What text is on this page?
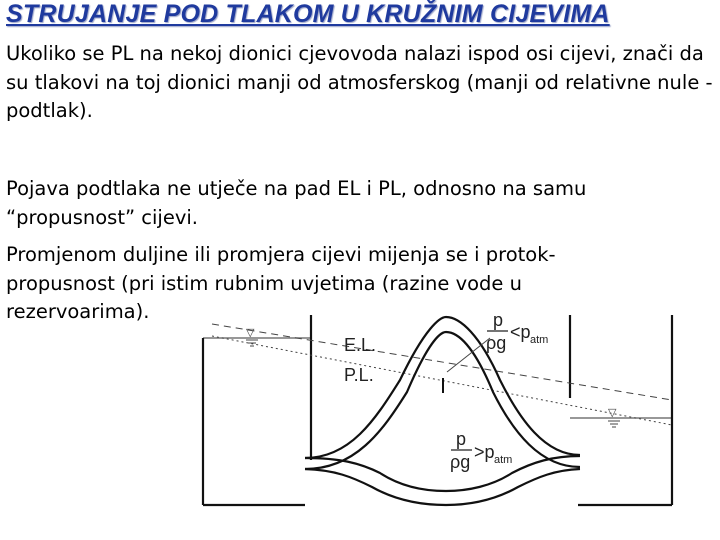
STRUJANJE POD TLAKOM U KRUŽNIM CIJEVIMA

Ukoliko se PL na nekoj dionici cjevovoda nalazi ispod osi cijevi, znači da su tlakovi na toj dionici manji od atmosferskog (manji od relativne nule - podtlak).

Pojava podtlaka ne utječe na pad EL i PL, odnosno na samu “propusnost” cijevi.

Promjenom duljine ili promjera cijevi mijenja se i protok-
propusnost (pri istim rubnim uvjetima (razine vode u
rezervoarima).

▽
▽
E.L.
P.L.
p
ρg
<p atm
p
ρg >p atm
